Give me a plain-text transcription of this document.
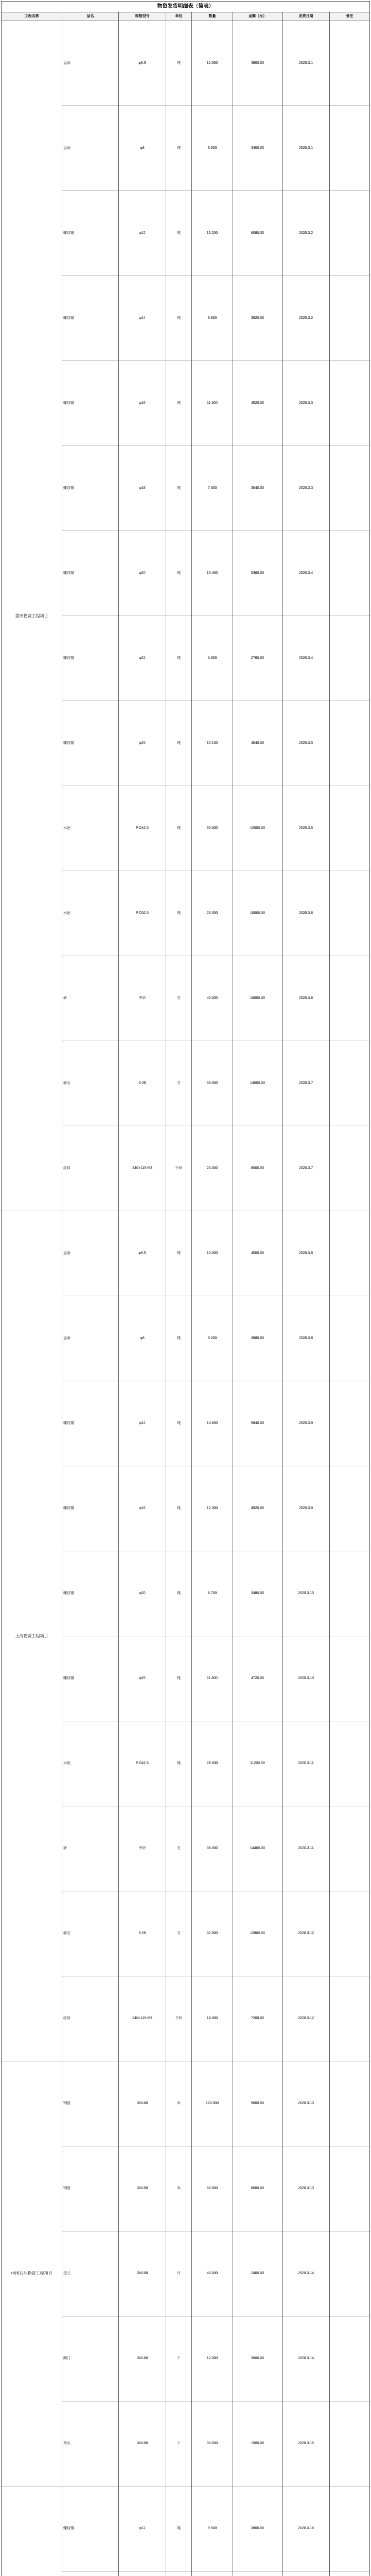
物资发货明细表（简表）							
工程名称	品名	规格型号	单位	数量	金额（元）	发货日期	备注
重庆物资工程项目	盘条	φ6.5	吨	12.000	4800.00	2020.3.1	
	盘条	φ8	吨	8.500	3400.00	2020.3.1	
	螺纹钢	φ12	吨	15.200	6080.00	2020.3.2	
	螺纹钢	φ14	吨	9.800	3920.00	2020.3.2	
	螺纹钢	φ16	吨	11.300	4520.00	2020.3.3	
	螺纹钢	φ18	吨	7.600	3040.00	2020.3.3	
	螺纹钢	φ20	吨	13.400	5360.00	2020.3.4	
	螺纹钢	φ22	吨	6.900	2760.00	2020.3.4	
	螺纹钢	φ25	吨	10.100	4040.00	2020.3.5	
	水泥	P.O42.5	吨	30.000	12000.00	2020.3.5	
	水泥	P.O32.5	吨	25.000	10000.00	2020.3.6	
	砂	中砂	方	40.000	16000.00	2020.3.6	
	碎石	5-25	方	35.000	14000.00	2020.3.7	
	红砖	240×115×53	千块	20.000	8000.00	2020.3.7	
上海物资工程项目	盘条	φ6.5	吨	10.000	4000.00	2020.3.8	
	盘条	φ8	吨	9.200	3680.00	2020.3.8	
	螺纹钢	φ12	吨	14.600	5840.00	2020.3.9	
	螺纹钢	φ16	吨	12.300	4920.00	2020.3.9	
	螺纹钢	φ20	吨	8.700	3480.00	2020.3.10	
	螺纹钢	φ25	吨	11.800	4720.00	2020.3.10	
	水泥	P.O42.5	吨	28.000	11200.00	2020.3.11	
	砂	中砂	方	36.000	14400.00	2020.3.11	
	碎石	5-25	方	32.000	12800.00	2020.3.12	
	红砖	240×115×53	千块	18.000	7200.00	2020.3.12	
中国石油物资工程项目	钢管	DN100	米	120.000	9600.00	2020.3.13	
	钢管	DN150	米	80.000	8000.00	2020.3.13	
	法兰	DN100	片	40.000	2400.00	2020.3.14	
	阀门	DN100	个	12.000	3600.00	2020.3.14	
	弯头	DN100	个	30.000	1500.00	2020.3.15	
	螺纹钢	φ12	吨	9.500	3800.00	2020.3.16	
